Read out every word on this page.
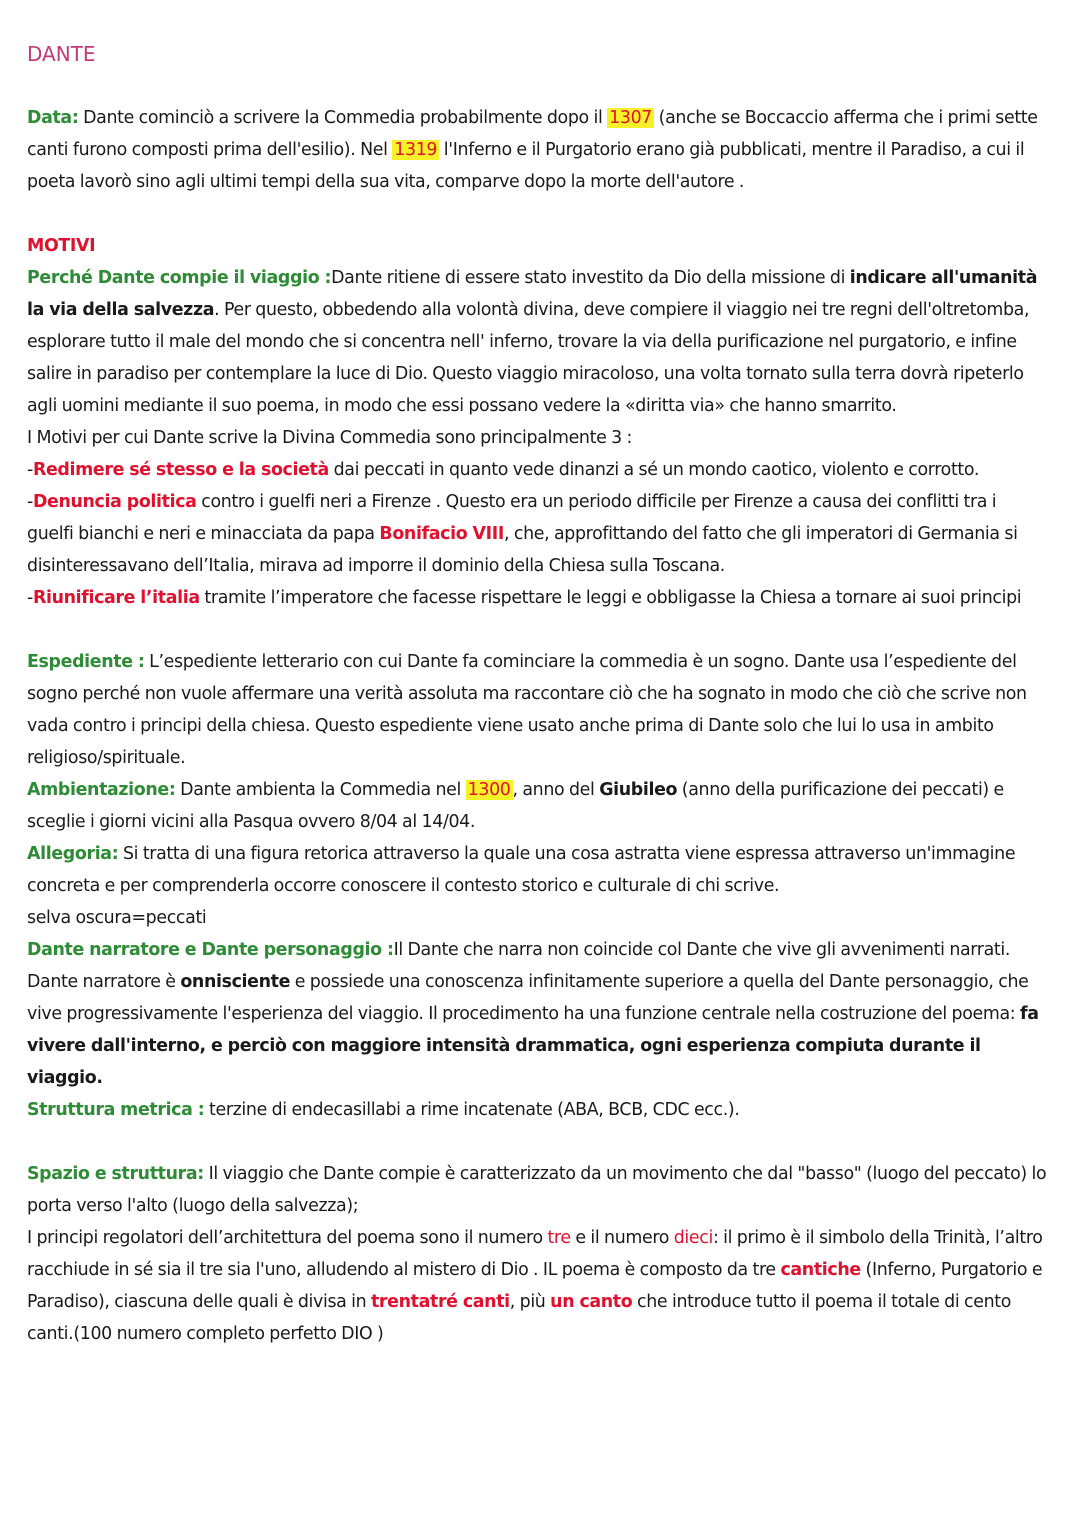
DANTE

Data: Dante cominciò a scrivere la Commedia probabilmente dopo il 1307 (anche se Boccaccio afferma che i primi sette canti furono composti prima dell'esilio). Nel 1319 l'Inferno e il Purgatorio erano già pubblicati, mentre il Paradiso, a cui il poeta lavorò sino agli ultimi tempi della sua vita, comparve dopo la morte dell'autore .

MOTIVI

Perché Dante compie il viaggio :Dante ritiene di essere stato investito da Dio della missione di indicare all'umanità la via della salvezza. Per questo, obbedendo alla volontà divina, deve compiere il viaggio nei tre regni dell'oltretomba, esplorare tutto il male del mondo che si concentra nell' inferno, trovare la via della purificazione nel purgatorio, e infine salire in paradiso per contemplare la luce di Dio. Questo viaggio miracoloso, una volta tornato sulla terra dovrà ripeterlo agli uomini mediante il suo poema, in modo che essi possano vedere la «diritta via» che hanno smarrito.

I Motivi per cui Dante scrive la Divina Commedia sono principalmente 3 :

-Redimere sé stesso e la società dai peccati in quanto vede dinanzi a sé un mondo caotico, violento e corrotto.

-Denuncia politica contro i guelfi neri a Firenze . Questo era un periodo difficile per Firenze a causa dei conflitti tra i guelfi bianchi e neri e minacciata da papa Bonifacio VIII, che, approfittando del fatto che gli imperatori di Germania si disinteressavano dell’Italia, mirava ad imporre il dominio della Chiesa sulla Toscana.

-Riunificare l’italia tramite l’imperatore che facesse rispettare le leggi e obbligasse la Chiesa a tornare ai suoi principi

Espediente : L’espediente letterario con cui Dante fa cominciare la commedia è un sogno. Dante usa l’espediente del sogno perché non vuole affermare una verità assoluta ma raccontare ciò che ha sognato in modo che ciò che scrive non vada contro i principi della chiesa. Questo espediente viene usato anche prima di Dante solo che lui lo usa in ambito religioso/spirituale.

Ambientazione: Dante ambienta la Commedia nel 1300 , anno del Giubileo (anno della purificazione dei peccati) e sceglie i giorni vicini alla Pasqua ovvero 8/04 al 14/04.

Allegoria: Si tratta di una figura retorica attraverso la quale una cosa astratta viene espressa attraverso un'immagine concreta e per comprenderla occorre conoscere il contesto storico e culturale di chi scrive.

selva oscura=peccati

Dante narratore e Dante personaggio :Il Dante che narra non coincide col Dante che vive gli avvenimenti narrati. Dante narratore è onnisciente e possiede una conoscenza infinitamente superiore a quella del Dante personaggio, che vive progressivamente l'esperienza del viaggio. Il procedimento ha una funzione centrale nella costruzione del poema: fa vivere dall'interno, e perciò con maggiore intensità drammatica, ogni esperienza compiuta durante il viaggio.

Struttura metrica : terzine di endecasillabi a rime incatenate (ABA, BCB, CDC ecc.).

Spazio e struttura: Il viaggio che Dante compie è caratterizzato da un movimento che dal "basso" (luogo del peccato) lo porta verso l'alto (luogo della salvezza);

I principi regolatori dell’architettura del poema sono il numero tre e il numero dieci: il primo è il simbolo della Trinità, l’altro racchiude in sé sia il tre sia l'uno, alludendo al mistero di Dio . IL poema è composto da tre cantiche (Inferno, Purgatorio e Paradiso), ciascuna delle quali è divisa in trentatré canti, più un canto che introduce tutto il poema il totale di cento canti.(100 numero completo perfetto DIO )
